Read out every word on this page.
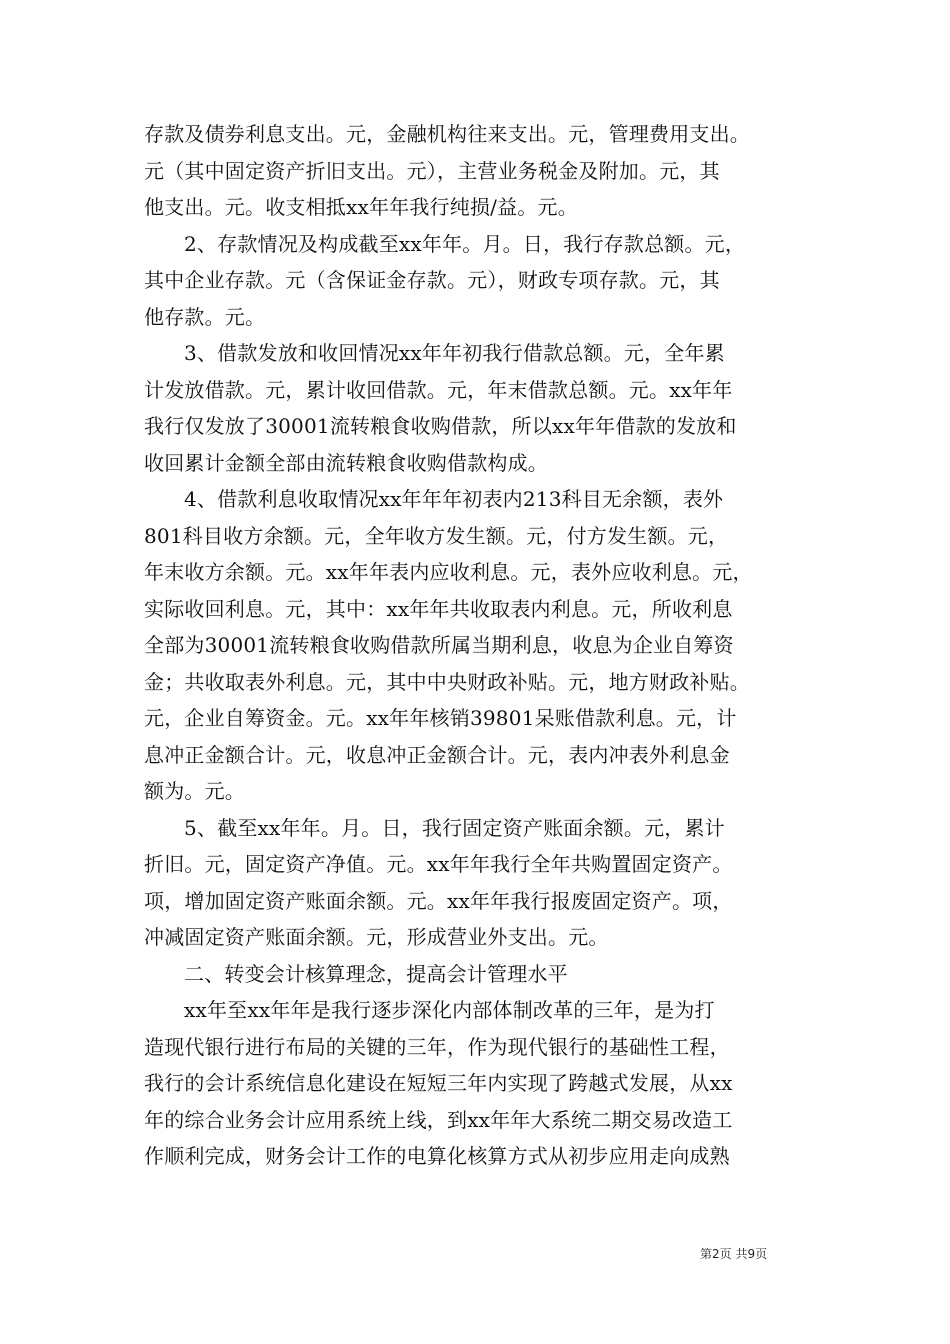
存款及债券利息支出。元，金融机构往来支出。元，管理费用支出。
元（其中固定资产折旧支出。元），主营业务税金及附加。元，其
他支出。元。收支相抵xx年年我行纯损/益。元。
2、存款情况及构成截至xx年年。月。日，我行存款总额。元，
其中企业存款。元（含保证金存款。元），财政专项存款。元，其
他存款。元。
3、借款发放和收回情况xx年年初我行借款总额。元，全年累
计发放借款。元，累计收回借款。元，年末借款总额。元。xx年年
我行仅发放了30001流转粮食收购借款，所以xx年年借款的发放和
收回累计金额全部由流转粮食收购借款构成。
4、借款利息收取情况xx年年年初表内213科目无余额，表外
801科目收方余额。元，全年收方发生额。元，付方发生额。元，
年末收方余额。元。xx年年表内应收利息。元，表外应收利息。元，
实际收回利息。元，其中：xx年年共收取表内利息。元，所收利息
全部为30001流转粮食收购借款所属当期利息，收息为企业自筹资
金；共收取表外利息。元，其中中央财政补贴。元，地方财政补贴。
元，企业自筹资金。元。xx年年核销39801呆账借款利息。元，计
息冲正金额合计。元，收息冲正金额合计。元，表内冲表外利息金
额为。元。
5、截至xx年年。月。日，我行固定资产账面余额。元，累计
折旧。元，固定资产净值。元。xx年年我行全年共购置固定资产。
项，增加固定资产账面余额。元。xx年年我行报废固定资产。项，
冲减固定资产账面余额。元，形成营业外支出。元。
二、转变会计核算理念，提高会计管理水平
xx年至xx年年是我行逐步深化内部体制改革的三年，是为打
造现代银行进行布局的关键的三年，作为现代银行的基础性工程，
我行的会计系统信息化建设在短短三年内实现了跨越式发展，从xx
年的综合业务会计应用系统上线，到xx年年大系统二期交易改造工
作顺利完成，财务会计工作的电算化核算方式从初步应用走向成熟
第2页 共9页
